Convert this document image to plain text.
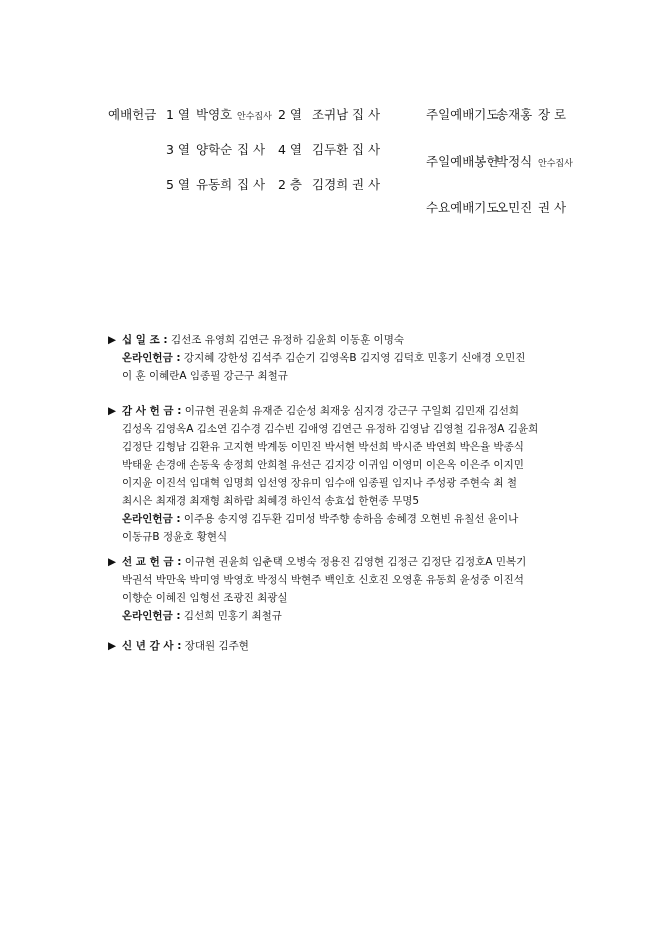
예배헌금 1 열 박영호 안수집사 2 열 조귀남 집 사
3 열 양학순 집 사 4 열 김두환 집 사
5 열 유동희 집 사 2 층 김경희 권 사
주일예배기도
송재홍 장 로
주일예배봉헌
박정식 안수집사
수요예배기도
오민진 권 사
▶ 십 일 조 : 김선조 유영희 김연근 유정하 김윤희 이동훈 이명숙
온라인헌금 : 강지혜 강한성 김석주 김순기 김영옥B 김지영 김덕호 민홍기 신애경 오민진
이 훈 이혜란A 임종필 강근구 최철규
▶ 감 사 헌 금 : 이규현 권윤희 유재준 김순성 최재웅 심지경 강근구 구일회 김민재 김선희
김성옥 김영옥A 김소연 김수경 김수빈 김애영 김연근 유정하 김영남 김영철 김유정A 김윤희
김정단 김형남 김환유 고지현 박계동 이민진 박서현 박선희 박시준 박연희 박은율 박종식
박태윤 손경애 손동욱 송정희 안희철 유선근 김지강 이귀임 이영미 이은옥 이은주 이지민
이지윤 이진석 임대혁 임명희 임선영 장유미 임수애 임종필 임지나 주성광 주현숙 최 철
최시은 최재경 최재형 최하람 최혜경 하인석 송효섭 한현종 무명5
온라인헌금 : 이주용 송지영 김두환 김미성 박주향 송하음 송혜경 오현빈 유칠선 윤이나
이동규B 정윤호 황현식
▶ 선 교 헌 금 : 이규현 권윤희 임춘택 오병숙 정용진 김영현 김정근 김정단 김정호A 민복기
박권석 박만욱 박미영 박영호 박정식 박현주 백인호 신호진 오영훈 유동희 윤성중 이진석
이향순 이혜진 임형선 조광진 최광실
온라인헌금 : 김선희 민홍기 최철규
▶ 신 년 감 사 : 장대원 김주현
